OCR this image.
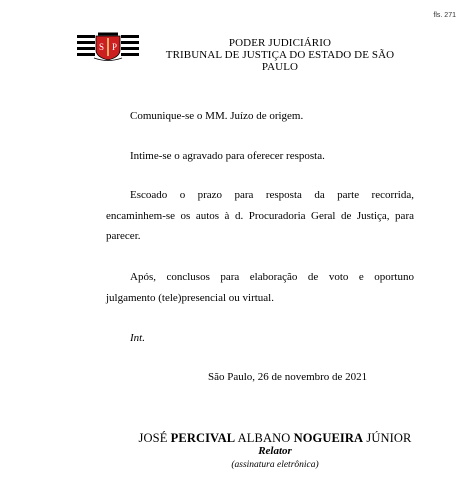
fls. 271
S P	PODER JUDICIÁRIO
TRIBUNAL DE JUSTIÇA DO ESTADO DE SÃO PAULO
Comunique-se o MM. Juízo de origem.
Intime-se o agravado para oferecer resposta.
Escoado o prazo para resposta da parte recorrida,
encaminhem-se os autos à d. Procuradoria Geral de Justiça, para parecer.
Após, conclusos para elaboração de voto e oportuno
julgamento (tele)presencial ou virtual.
Int.
São Paulo, 26 de novembro de 2021
JOSÉ PERCIVAL ALBANO NOGUEIRA JÚNIOR
Relator
(assinatura eletrônica)
